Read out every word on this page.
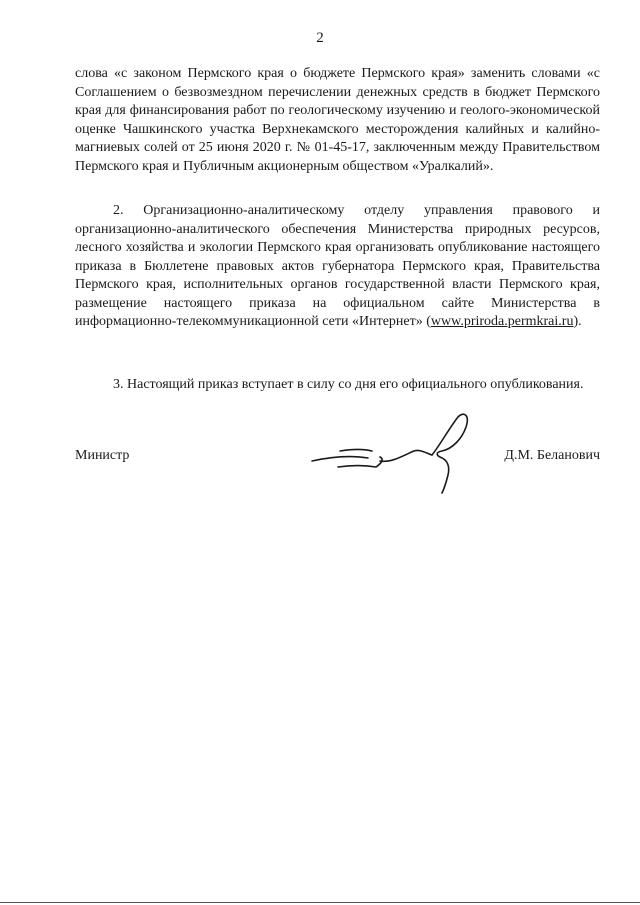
2

слова «с законом Пермского края о бюджете Пермского края» заменить словами «с Соглашением о безвозмездном перечислении денежных средств в бюджет Пермского края для финансирования работ по геологическому изучению и геолого-экономической оценке Чашкинского участка Верхнекамского месторождения калийных и калийно-магниевых солей от 25 июня 2020 г. № 01-45-17, заключенным между Правительством Пермского края и Публичным акционерным обществом «Уралкалий».

2. Организационно-аналитическому отделу управления правового и организационно-аналитического обеспечения Министерства природных ресурсов, лесного хозяйства и экологии Пермского края организовать опубликование настоящего приказа в Бюллетене правовых актов губернатора Пермского края, Правительства Пермского края, исполнительных органов государственной власти Пермского края, размещение настоящего приказа на официальном сайте Министерства в информационно-телекоммуникационной сети «Интернет» (www.priroda.permkrai.ru).

3. Настоящий приказ вступает в силу со дня его официального опубликования.

Министр	Д.М. Беланович
